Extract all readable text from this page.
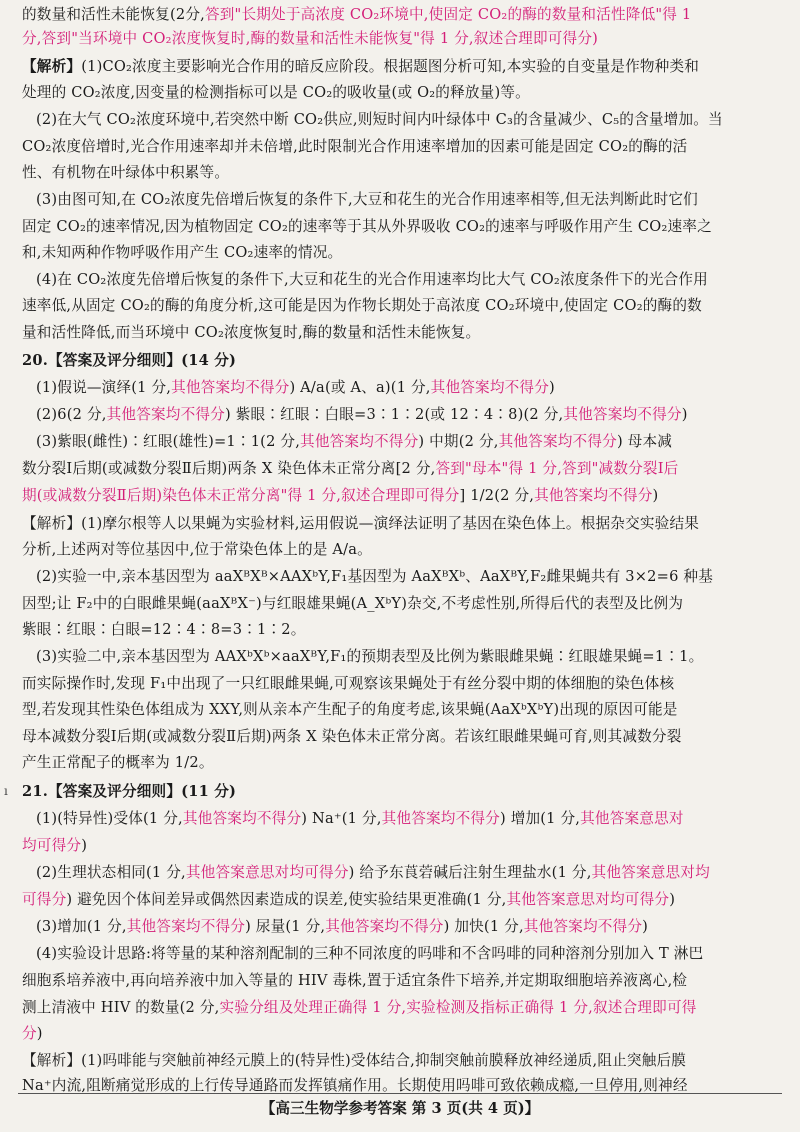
的数量和活性未能恢复(2分,答到"长期处于高浓度 CO₂环境中,使固定 CO₂的酶的数量和活性降低"得 1
分,答到"当环境中 CO₂浓度恢复时,酶的数量和活性未能恢复"得 1 分,叙述合理即可得分)
【解析】(1)CO₂浓度主要影响光合作用的暗反应阶段。根据题图分析可知,本实验的自变量是作物种类和
处理的 CO₂浓度,因变量的检测指标可以是 CO₂的吸收量(或 O₂的释放量)等。
(2)在大气 CO₂浓度环境中,若突然中断 CO₂供应,则短时间内叶绿体中 C₃的含量减少、C₅的含量增加。当
CO₂浓度倍增时,光合作用速率却并未倍增,此时限制光合作用速率增加的因素可能是固定 CO₂的酶的活
性、有机物在叶绿体中积累等。
(3)由图可知,在 CO₂浓度先倍增后恢复的条件下,大豆和花生的光合作用速率相等,但无法判断此时它们
固定 CO₂的速率情况,因为植物固定 CO₂的速率等于其从外界吸收 CO₂的速率与呼吸作用产生 CO₂速率之
和,未知两种作物呼吸作用产生 CO₂速率的情况。
(4)在 CO₂浓度先倍增后恢复的条件下,大豆和花生的光合作用速率均比大气 CO₂浓度条件下的光合作用
速率低,从固定 CO₂的酶的角度分析,这可能是因为作物长期处于高浓度 CO₂环境中,使固定 CO₂的酶的数
量和活性降低,而当环境中 CO₂浓度恢复时,酶的数量和活性未能恢复。
20.【答案及评分细则】(14 分)
(1)假说—演绎(1 分,其他答案均不得分) A/a(或 A、a)(1 分,其他答案均不得分)
(2)6(2 分,其他答案均不得分) 紫眼∶红眼∶白眼=3∶1∶2(或 12∶4∶8)(2 分,其他答案均不得分)
(3)紫眼(雌性)∶红眼(雄性)=1∶1(2 分,其他答案均不得分) 中期(2 分,其他答案均不得分) 母本减
数分裂Ⅰ后期(或减数分裂Ⅱ后期)两条 X 染色体未正常分离[2 分,答到"母本"得 1 分,答到"减数分裂Ⅰ后
期(或减数分裂Ⅱ后期)染色体未正常分离"得 1 分,叙述合理即可得分] 1/2(2 分,其他答案均不得分)
【解析】(1)摩尔根等人以果蝇为实验材料,运用假说—演绎法证明了基因在染色体上。根据杂交实验结果
分析,上述两对等位基因中,位于常染色体上的是 A/a。
(2)实验一中,亲本基因型为 aaXᴮXᴮ×AAXᵇY,F₁基因型为 AaXᴮXᵇ、AaXᴮY,F₂雌果蝇共有 3×2=6 种基
因型;让 F₂中的白眼雌果蝇(aaXᴮX⁻)与红眼雄果蝇(A_XᵇY)杂交,不考虑性别,所得后代的表型及比例为
紫眼∶红眼∶白眼=12∶4∶8=3∶1∶2。
(3)实验二中,亲本基因型为 AAXᵇXᵇ×aaXᴮY,F₁的预期表型及比例为紫眼雌果蝇∶红眼雄果蝇=1∶1。
而实际操作时,发现 F₁中出现了一只红眼雌果蝇,可观察该果蝇处于有丝分裂中期的体细胞的染色体核
型,若发现其性染色体组成为 XXY,则从亲本产生配子的角度考虑,该果蝇(AaXᵇXᵇY)出现的原因可能是
母本减数分裂Ⅰ后期(或减数分裂Ⅱ后期)两条 X 染色体未正常分离。若该红眼雌果蝇可育,则其减数分裂
产生正常配子的概率为 1/2。
ı 21.【答案及评分细则】(11 分)
(1)(特异性)受体(1 分,其他答案均不得分) Na⁺(1 分,其他答案均不得分) 增加(1 分,其他答案意思对
均可得分)
(2)生理状态相同(1 分,其他答案意思对均可得分) 给予东莨菪碱后注射生理盐水(1 分,其他答案意思对均
可得分) 避免因个体间差异或偶然因素造成的误差,使实验结果更准确(1 分,其他答案意思对均可得分)
(3)增加(1 分,其他答案均不得分) 尿量(1 分,其他答案均不得分) 加快(1 分,其他答案均不得分)
(4)实验设计思路:将等量的某种溶剂配制的三种不同浓度的吗啡和不含吗啡的同种溶剂分别加入 T 淋巴
细胞系培养液中,再向培养液中加入等量的 HIV 毒株,置于适宜条件下培养,并定期取细胞培养液离心,检
测上清液中 HIV 的数量(2 分,实验分组及处理正确得 1 分,实验检测及指标正确得 1 分,叙述合理即可得
分)
【解析】(1)吗啡能与突触前神经元膜上的(特异性)受体结合,抑制突触前膜释放神经递质,阻止突触后膜
Na⁺内流,阻断痛觉形成的上行传导通路而发挥镇痛作用。长期使用吗啡可致依赖成瘾,一旦停用,则神经
【高三生物学参考答案 第 3 页(共 4 页)】
